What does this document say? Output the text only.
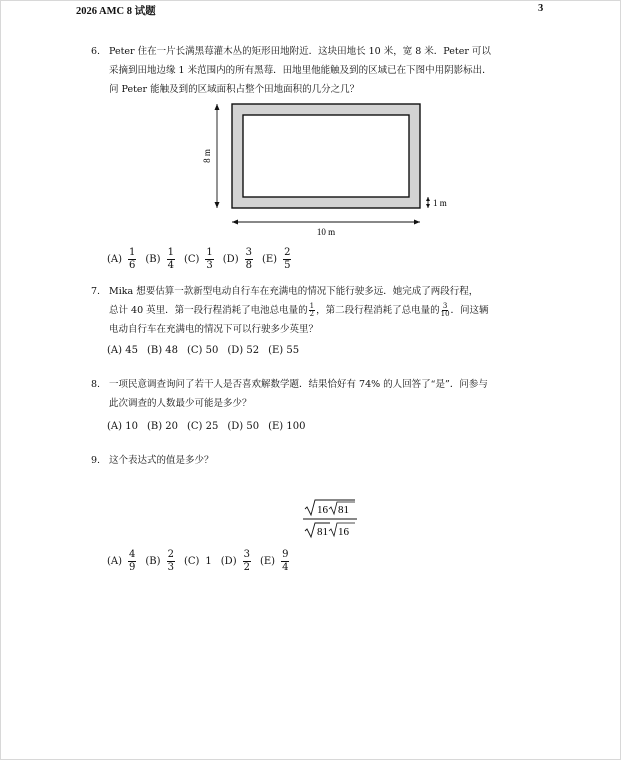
2026 AMC 8 试题	3
6. Peter 住在一片长满黑莓灌木丛的矩形田地附近．这块田地长 10 米，宽 8 米．Peter 可以
采摘到田地边缘 1 米范围内的所有黑莓．田地里他能触及到的区域已在下图中用阴影标出．
问 Peter 能触及到的区域面积占整个田地面积的几分之几？
8 m
10 m
1 m
$(A) \frac{1}{6} (B) \frac{1}{4} (C) \frac{1}{3} (D) \frac{3}{8} (E) \frac{2}{5}$
7. Mika 想要估算一款新型电动自行车在充满电的情况下能行驶多远．她完成了两段行程，
总计 40 英里．第一段行程消耗了电池总电量的 $\frac{1}{2}$ ，第二段行程消耗了总电量的 $\frac{3}{10}$ ．问这辆
电动自行车在充满电的情况下可以行驶多少英里？
(A) 45 (B) 48 (C) 50 (D) 52 (E) 55
8. 一项民意调查询问了若干人是否喜欢解数学题．结果恰好有 74% 的人回答了“是”．问参与
此次调查的人数最少可能是多少？
(A) 10 (B) 20 (C) 25 (D) 50 (E) 100
9. 这个表达式的值是多少？
16 81
81 16
$(A) \frac{4}{9} (B) \frac{2}{3} (C)$ 1 $(D) \frac{3}{2} (E) \frac{9}{4}$
